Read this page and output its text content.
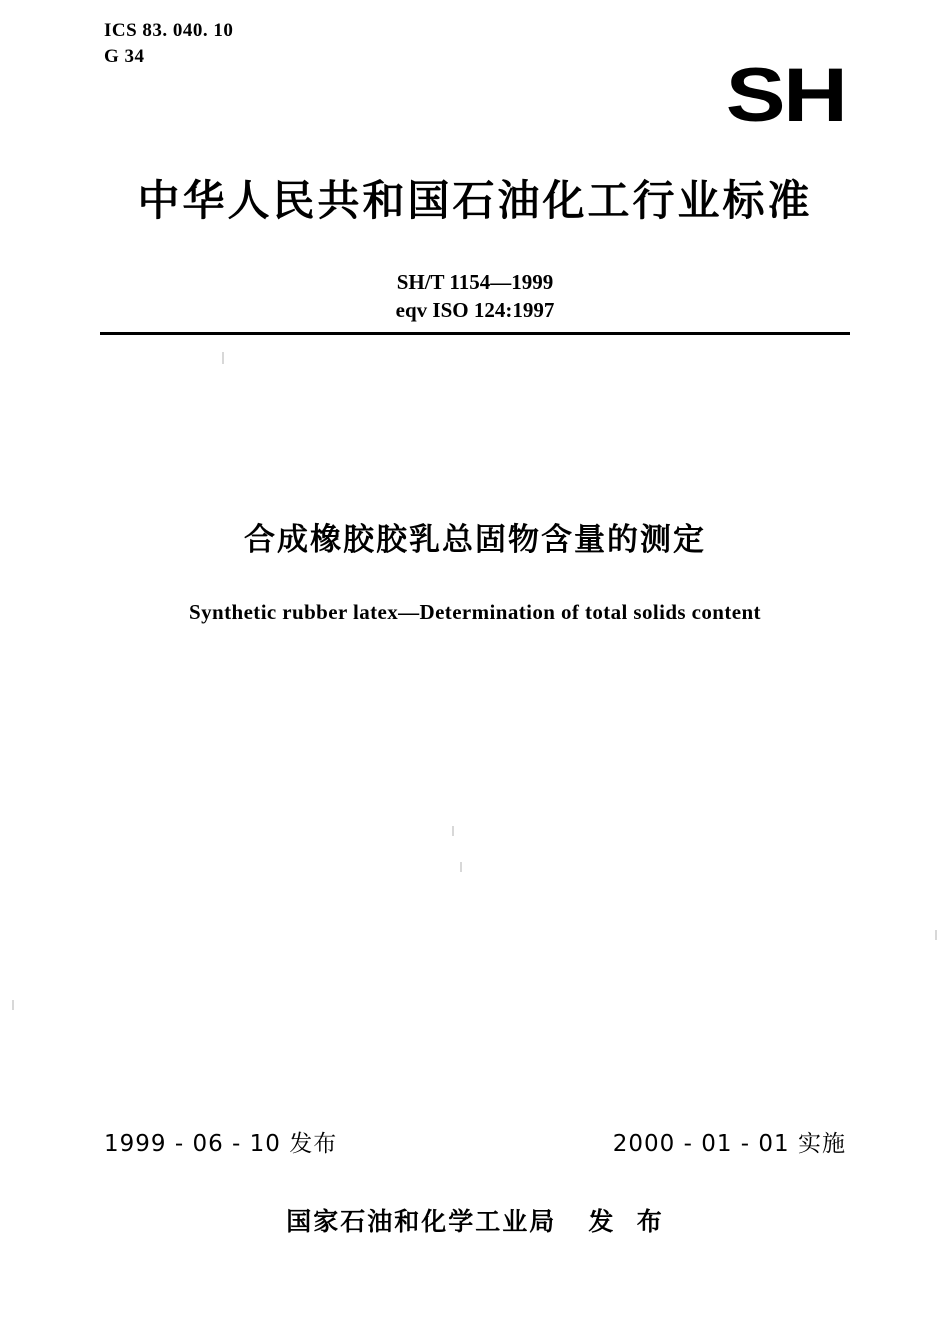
ICS 83. 040. 10
G 34	SH
中华人民共和国石油化工行业标准
SH/T 1154—1999
eqv ISO 124:1997
合成橡胶胶乳总固物含量的测定
Synthetic rubber latex—Determination of total solids content
1999 - 06 - 10 发布	2000 - 01 - 01 实施
国家石油和化学工业局   发  布
